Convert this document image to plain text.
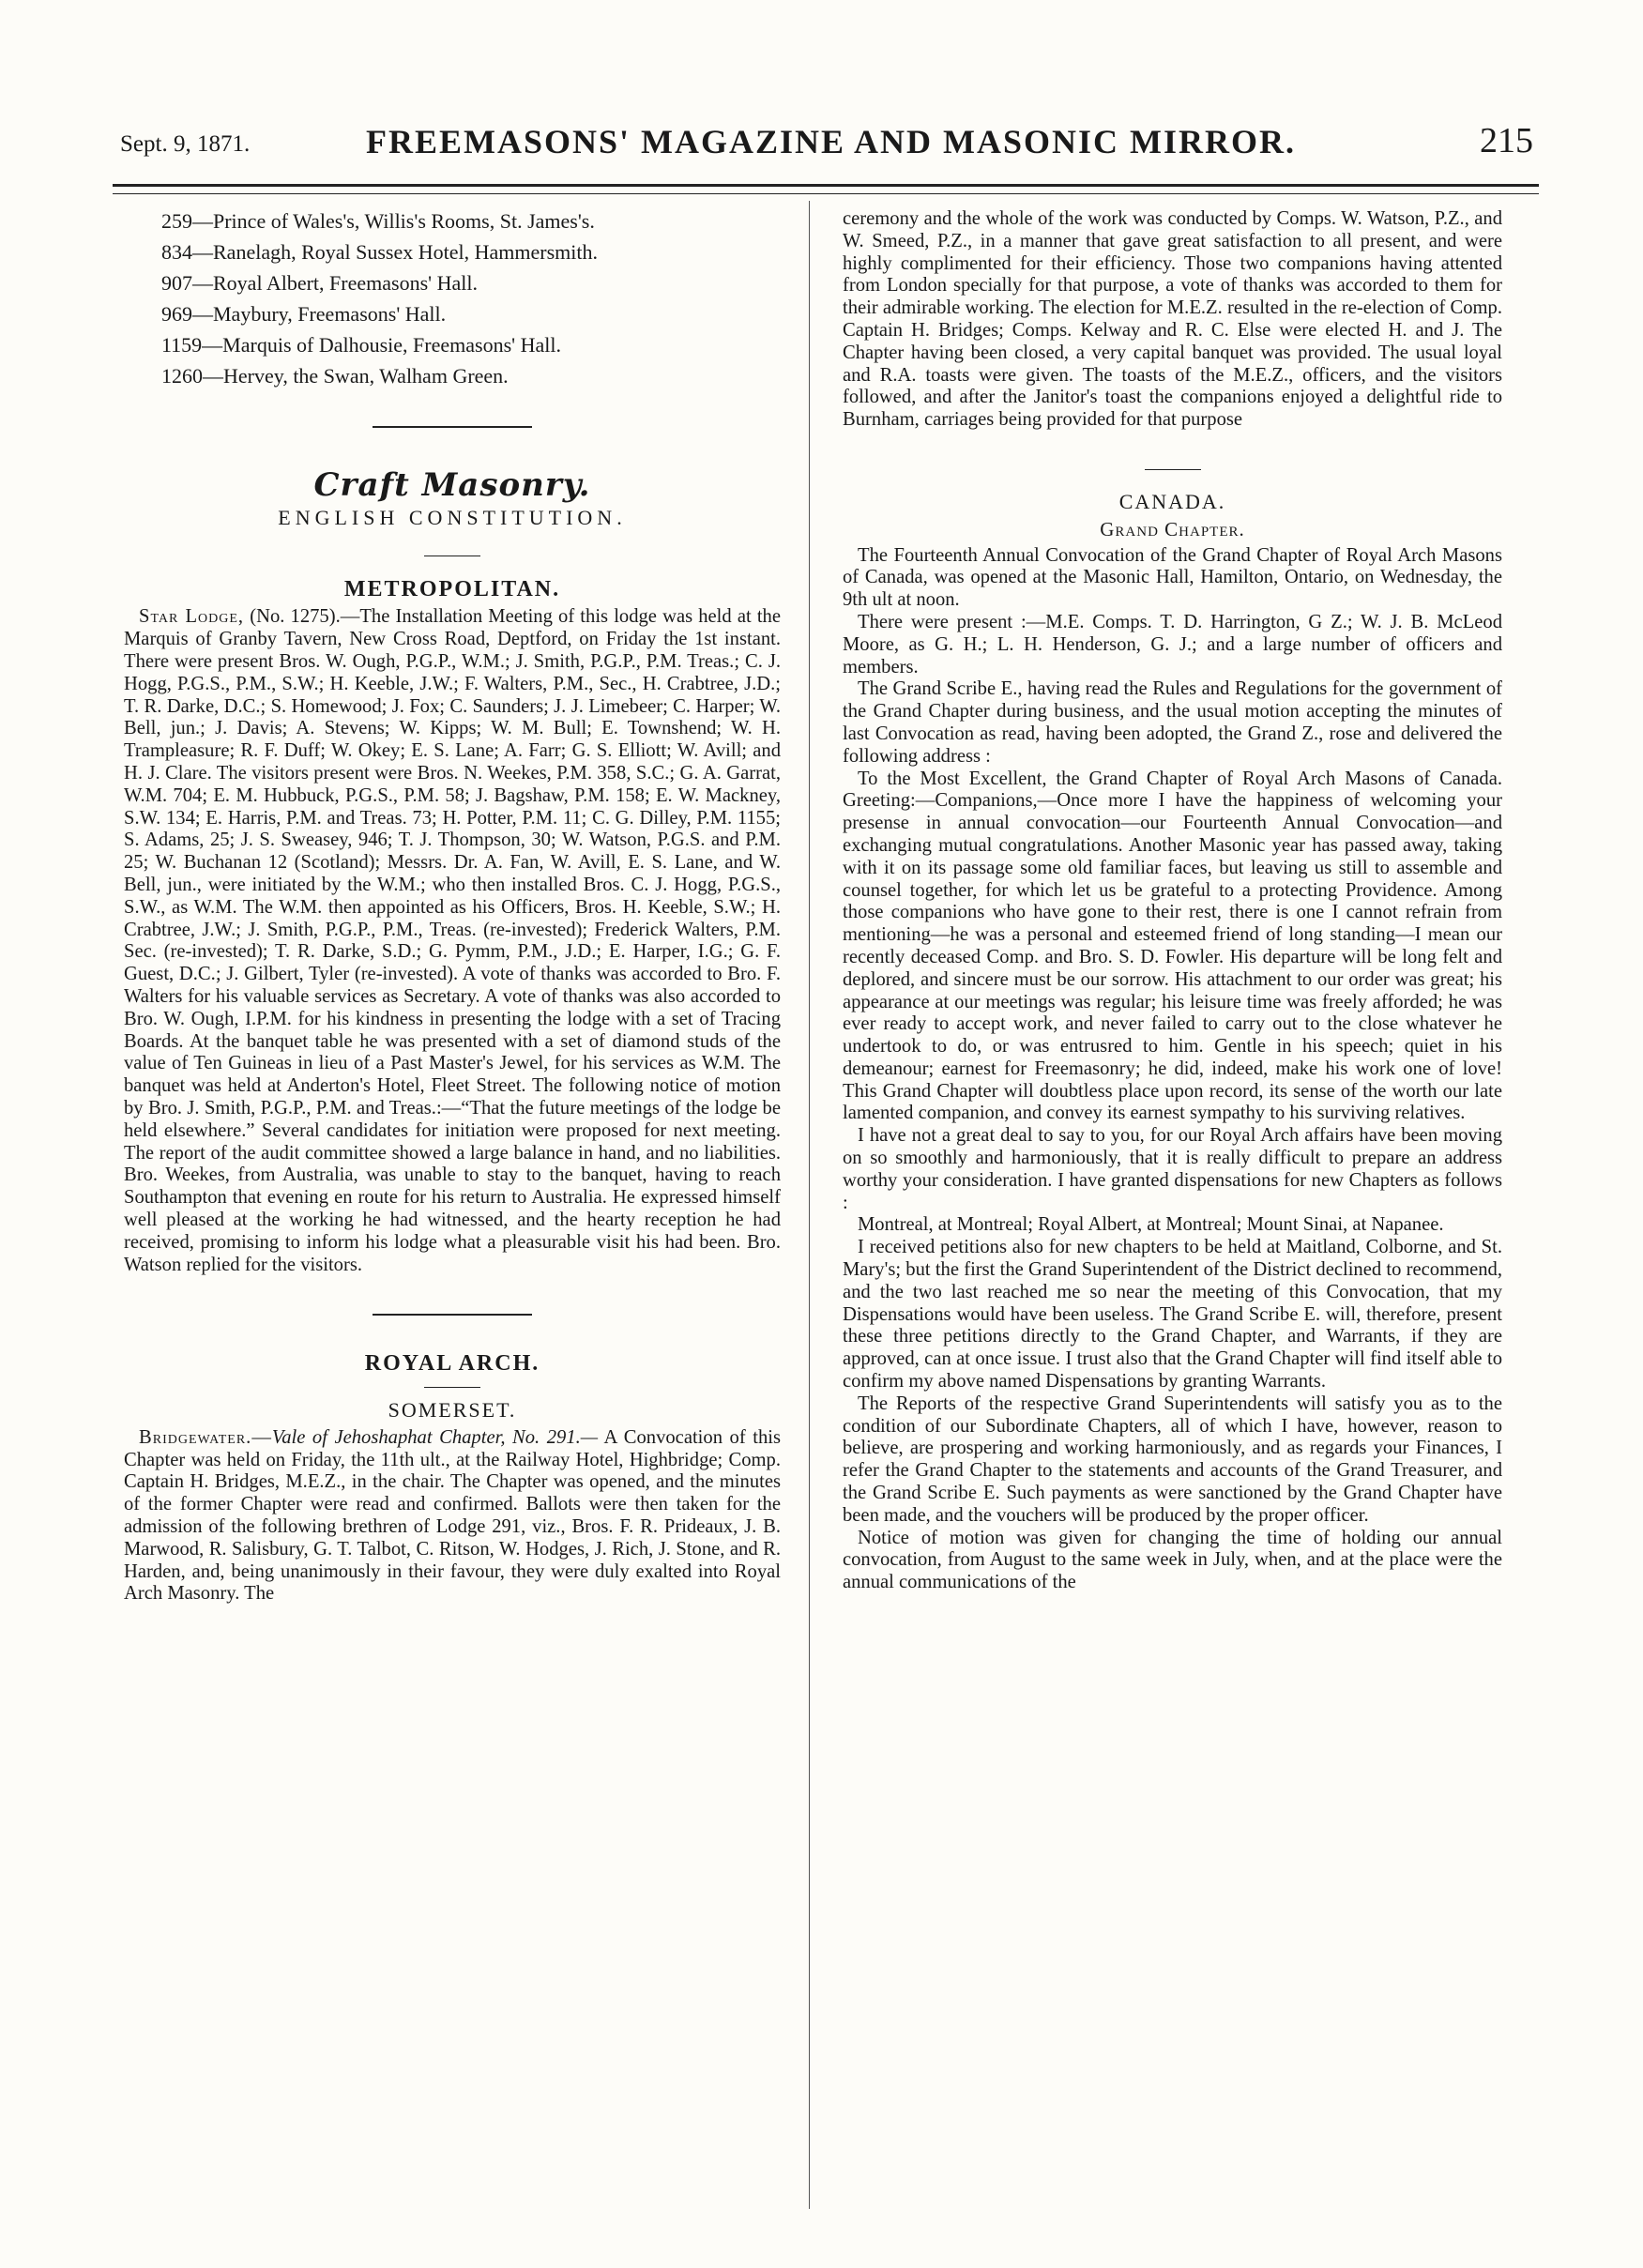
Sept. 9, 1871.	FREEMASONS' MAGAZINE AND MASONIC MIRROR.	215

259—Prince of Wales's, Willis's Rooms, St. James's.

834—Ranelagh, Royal Sussex Hotel, Hammersmith.

907—Royal Albert, Freemasons' Hall.

969—Maybury, Freemasons' Hall.

1159—Marquis of Dalhousie, Freemasons' Hall.

1260—Hervey, the Swan, Walham Green.

Craft Masonry.
ENGLISH CONSTITUTION.
METROPOLITAN.

Star Lodge, (No. 1275).—The Installation Meeting of this lodge was held at the Marquis of Granby Tavern, New Cross Road, Deptford, on Friday the 1st instant. There were present Bros. W. Ough, P.G.P., W.M.; J. Smith, P.G.P., P.M. Treas.; C. J. Hogg, P.G.S., P.M., S.W.; H. Keeble, J.W.; F. Walters, P.M., Sec., H. Crabtree, J.D.; T. R. Darke, D.C.; S. Homewood; J. Fox; C. Saunders; J. J. Limebeer; C. Harper; W. Bell, jun.; J. Davis; A. Stevens; W. Kipps; W. M. Bull; E. Townshend; W. H. Trampleasure; R. F. Duff; W. Okey; E. S. Lane; A. Farr; G. S. Elliott; W. Avill; and H. J. Clare. The visitors present were Bros. N. Weekes, P.M. 358, S.C.; G. A. Garrat, W.M. 704; E. M. Hubbuck, P.G.S., P.M. 58; J. Bagshaw, P.M. 158; E. W. Mackney, S.W. 134; E. Harris, P.M. and Treas. 73; H. Potter, P.M. 11; C. G. Dilley, P.M. 1155; S. Adams, 25; J. S. Sweasey, 946; T. J. Thompson, 30; W. Watson, P.G.S. and P.M. 25; W. Buchanan 12 (Scotland); Messrs. Dr. A. Fan, W. Avill, E. S. Lane, and W. Bell, jun., were initiated by the W.M.; who then installed Bros. C. J. Hogg, P.G.S., S.W., as W.M. The W.M. then appointed as his Officers, Bros. H. Keeble, S.W.; H. Crabtree, J.W.; J. Smith, P.G.P., P.M., Treas. (re-invested); Frederick Walters, P.M. Sec. (re-invested); T. R. Darke, S.D.; G. Pymm, P.M., J.D.; E. Harper, I.G.; G. F. Guest, D.C.; J. Gilbert, Tyler (re-invested). A vote of thanks was accorded to Bro. F. Walters for his valuable services as Secretary. A vote of thanks was also accorded to Bro. W. Ough, I.P.M. for his kindness in presenting the lodge with a set of Tracing Boards. At the banquet table he was presented with a set of diamond studs of the value of Ten Guineas in lieu of a Past Master's Jewel, for his services as W.M. The banquet was held at Anderton's Hotel, Fleet Street. The following notice of motion by Bro. J. Smith, P.G.P., P.M. and Treas.:—“That the future meetings of the lodge be held elsewhere.” Several candidates for initiation were proposed for next meeting. The report of the audit committee showed a large balance in hand, and no liabilities. Bro. Weekes, from Australia, was unable to stay to the banquet, having to reach Southampton that evening en route for his return to Australia. He expressed himself well pleased at the working he had witnessed, and the hearty reception he had received, promising to inform his lodge what a pleasurable visit his had been. Bro. Watson replied for the visitors.

ROYAL ARCH.
SOMERSET.

Bridgewater.—Vale of Jehoshaphat Chapter, No. 291.— A Convocation of this Chapter was held on Friday, the 11th ult., at the Railway Hotel, Highbridge; Comp. Captain H. Bridges, M.E.Z., in the chair. The Chapter was opened, and the minutes of the former Chapter were read and confirmed. Ballots were then taken for the admission of the following brethren of Lodge 291, viz., Bros. F. R. Prideaux, J. B. Marwood, R. Salisbury, G. T. Talbot, C. Ritson, W. Hodges, J. Rich, J. Stone, and R. Harden, and, being unanimously in their favour, they were duly exalted into Royal Arch Masonry. The

ceremony and the whole of the work was conducted by Comps. W. Watson, P.Z., and W. Smeed, P.Z., in a manner that gave great satisfaction to all present, and were highly complimented for their efficiency. Those two companions having attented from London specially for that purpose, a vote of thanks was accorded to them for their admirable working. The election for M.E.Z. resulted in the re-election of Comp. Captain H. Bridges; Comps. Kelway and R. C. Else were elected H. and J. The Chapter having been closed, a very capital banquet was provided. The usual loyal and R.A. toasts were given. The toasts of the M.E.Z., officers, and the visitors followed, and after the Janitor's toast the companions enjoyed a delightful ride to Burnham, carriages being provided for that purpose

CANADA.
Grand Chapter.

The Fourteenth Annual Convocation of the Grand Chapter of Royal Arch Masons of Canada, was opened at the Masonic Hall, Hamilton, Ontario, on Wednesday, the 9th ult at noon.

There were present :—M.E. Comps. T. D. Harrington, G Z.; W. J. B. McLeod Moore, as G. H.; L. H. Henderson, G. J.; and a large number of officers and members.

The Grand Scribe E., having read the Rules and Regulations for the government of the Grand Chapter during business, and the usual motion accepting the minutes of last Convocation as read, having been adopted, the Grand Z., rose and delivered the following address :

To the Most Excellent, the Grand Chapter of Royal Arch Masons of Canada. Greeting:—Companions,—Once more I have the happiness of welcoming your presense in annual convocation—our Fourteenth Annual Convocation—and exchanging mutual congratulations. Another Masonic year has passed away, taking with it on its passage some old familiar faces, but leaving us still to assemble and counsel together, for which let us be grateful to a protecting Providence. Among those companions who have gone to their rest, there is one I cannot refrain from mentioning—he was a personal and esteemed friend of long standing—I mean our recently deceased Comp. and Bro. S. D. Fowler. His departure will be long felt and deplored, and sincere must be our sorrow. His attachment to our order was great; his appearance at our meetings was regular; his leisure time was freely afforded; he was ever ready to accept work, and never failed to carry out to the close whatever he undertook to do, or was entrusred to him. Gentle in his speech; quiet in his demeanour; earnest for Freemasonry; he did, indeed, make his work one of love! This Grand Chapter will doubtless place upon record, its sense of the worth our late lamented companion, and convey its earnest sympathy to his surviving relatives.

I have not a great deal to say to you, for our Royal Arch affairs have been moving on so smoothly and harmoniously, that it is really difficult to prepare an address worthy your consideration. I have granted dispensations for new Chapters as follows :

Montreal, at Montreal; Royal Albert, at Montreal; Mount Sinai, at Napanee.

I received petitions also for new chapters to be held at Maitland, Colborne, and St. Mary's; but the first the Grand Superintendent of the District declined to recommend, and the two last reached me so near the meeting of this Convocation, that my Dispensations would have been useless. The Grand Scribe E. will, therefore, present these three petitions directly to the Grand Chapter, and Warrants, if they are approved, can at once issue. I trust also that the Grand Chapter will find itself able to confirm my above named Dispensations by granting Warrants.

The Reports of the respective Grand Superintendents will satisfy you as to the condition of our Subordinate Chapters, all of which I have, however, reason to believe, are prospering and working harmoniously, and as regards your Finances, I refer the Grand Chapter to the statements and accounts of the Grand Treasurer, and the Grand Scribe E. Such payments as were sanctioned by the Grand Chapter have been made, and the vouchers will be produced by the proper officer.

Notice of motion was given for changing the time of holding our annual convocation, from August to the same week in July, when, and at the place were the annual communications of the
